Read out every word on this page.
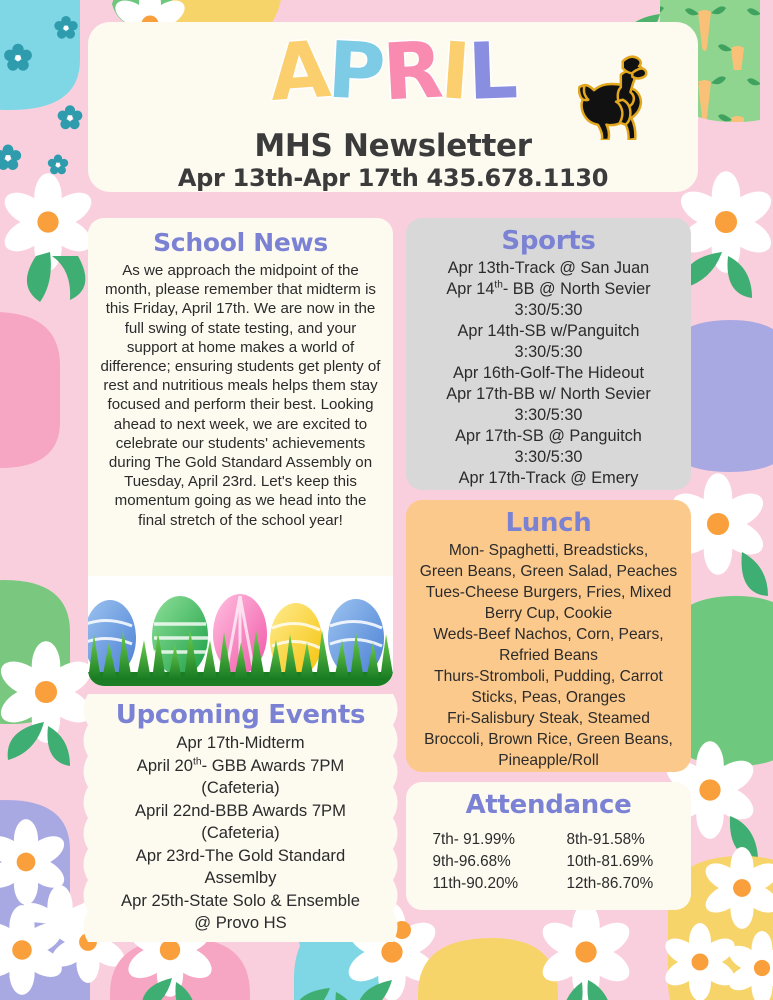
APRIL
MHS Newsletter
Apr 13th-Apr 17th 435.678.1130
School News
As we approach the midpoint of the month, please remember that midterm is this Friday, April 17th. We are now in the full swing of state testing, and your support at home makes a world of difference; ensuring students get plenty of rest and nutritious meals helps them stay focused and perform their best. Looking ahead to next week, we are excited to celebrate our students' achievements during The Gold Standard Assembly on Tuesday, April 23rd. Let's keep this momentum going as we head into the final stretch of the school year!
Sports
Apr 13th-Track @ San Juan
Apr 14th- BB @ North Sevier
3:30/5:30
Apr 14th-SB w/Panguitch
3:30/5:30
Apr 16th-Golf-The Hideout
Apr 17th-BB w/ North Sevier
3:30/5:30
Apr 17th-SB @ Panguitch
3:30/5:30
Apr 17th-Track @ Emery
Lunch
Mon- Spaghetti, Breadsticks,
Green Beans, Green Salad, Peaches
Tues-Cheese Burgers, Fries, Mixed
Berry Cup, Cookie
Weds-Beef Nachos, Corn, Pears,
Refried Beans
Thurs-Stromboli, Pudding, Carrot
Sticks, Peas, Oranges
Fri-Salisbury Steak, Steamed
Broccoli, Brown Rice, Green Beans,
Pineapple/Roll
Upcoming Events
Apr 17th-Midterm
April 20th- GBB Awards 7PM
(Cafeteria)
April 22nd-BBB Awards 7PM
(Cafeteria)
Apr 23rd-The Gold Standard
Assemlby
Apr 25th-State Solo & Ensemble
@ Provo HS
Attendance
7th- 91.99%	8th-91.58%
9th-96.68%	10th-81.69%
11th-90.20%	12th-86.70%
